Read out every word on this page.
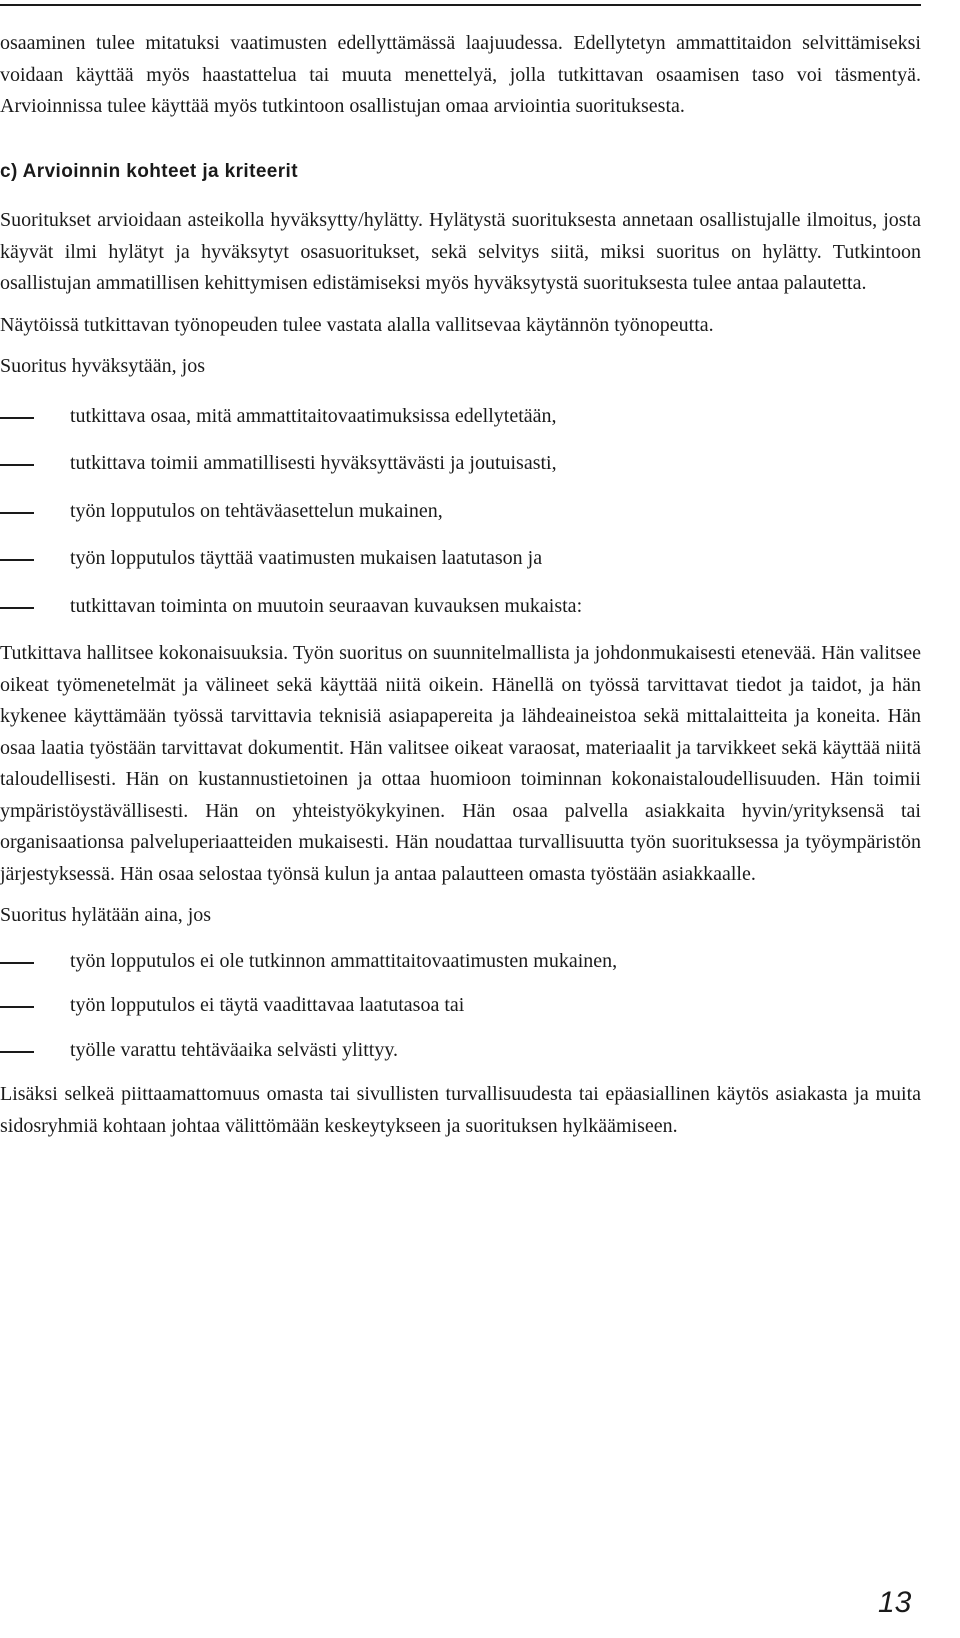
osaaminen tulee mitatuksi vaatimusten edellyttämässä laajuudessa. Edellytetyn ammattitaidon selvittämiseksi voidaan käyttää myös haastattelua tai muuta menettelyä, jolla tutkittavan osaamisen taso voi täsmentyä. Arvioinnissa tulee käyttää myös tutkintoon osallistujan omaa arviointia suorituksesta.

c) Arvioinnin kohteet ja kriteerit

Suoritukset arvioidaan asteikolla hyväksytty/hylätty. Hylätystä suorituksesta annetaan osallistujalle ilmoitus, josta käyvät ilmi hylätyt ja hyväksytyt osasuoritukset, sekä selvitys siitä, miksi suoritus on hylätty. Tutkintoon osallistujan ammatillisen kehittymisen edistämiseksi myös hyväksytystä suorituksesta tulee antaa palautetta.

Näytöissä tutkittavan työnopeuden tulee vastata alalla vallitsevaa käytännön työnopeutta.

Suoritus hyväksytään, jos

tutkittava osaa, mitä ammattitaitovaatimuksissa edellytetään,
tutkittava toimii ammatillisesti hyväksyttävästi ja joutuisasti,
työn lopputulos on tehtäväasettelun mukainen,
työn lopputulos täyttää vaatimusten mukaisen laatutason ja
tutkittavan toiminta on muutoin seuraavan kuvauksen mukaista:

Tutkittava hallitsee kokonaisuuksia. Työn suoritus on suunnitelmallista ja johdonmukaisesti etenevää. Hän valitsee oikeat työmenetelmät ja välineet sekä käyttää niitä oikein. Hänellä on työssä tarvittavat tiedot ja taidot, ja hän kykenee käyttämään työssä tarvittavia teknisiä asiapapereita ja lähdeaineistoa sekä mittalaitteita ja koneita. Hän osaa laatia työstään tarvittavat dokumentit. Hän valitsee oikeat varaosat, materiaalit ja tarvikkeet sekä käyttää niitä taloudellisesti. Hän on kustannustietoinen ja ottaa huomioon toiminnan kokonaistaloudellisuuden. Hän toimii ympäristöystävällisesti. Hän on yhteistyökykyinen. Hän osaa palvella asiakkaita hyvin/yrityksensä tai organisaationsa palveluperiaatteiden mukaisesti. Hän noudattaa turvallisuutta työn suorituksessa ja työympäristön järjestyksessä. Hän osaa selostaa työnsä kulun ja antaa palautteen omasta työstään asiakkaalle.

Suoritus hylätään aina, jos

työn lopputulos ei ole tutkinnon ammattitaitovaatimusten mukainen,
työn lopputulos ei täytä vaadittavaa laatutasoa tai
työlle varattu tehtäväaika selvästi ylittyy.

Lisäksi selkeä piittaamattomuus omasta tai sivullisten turvallisuudesta tai epäasiallinen käytös asiakasta ja muita sidosryhmiä kohtaan johtaa välittömään keskeytykseen ja suorituksen hylkäämiseen.

13
